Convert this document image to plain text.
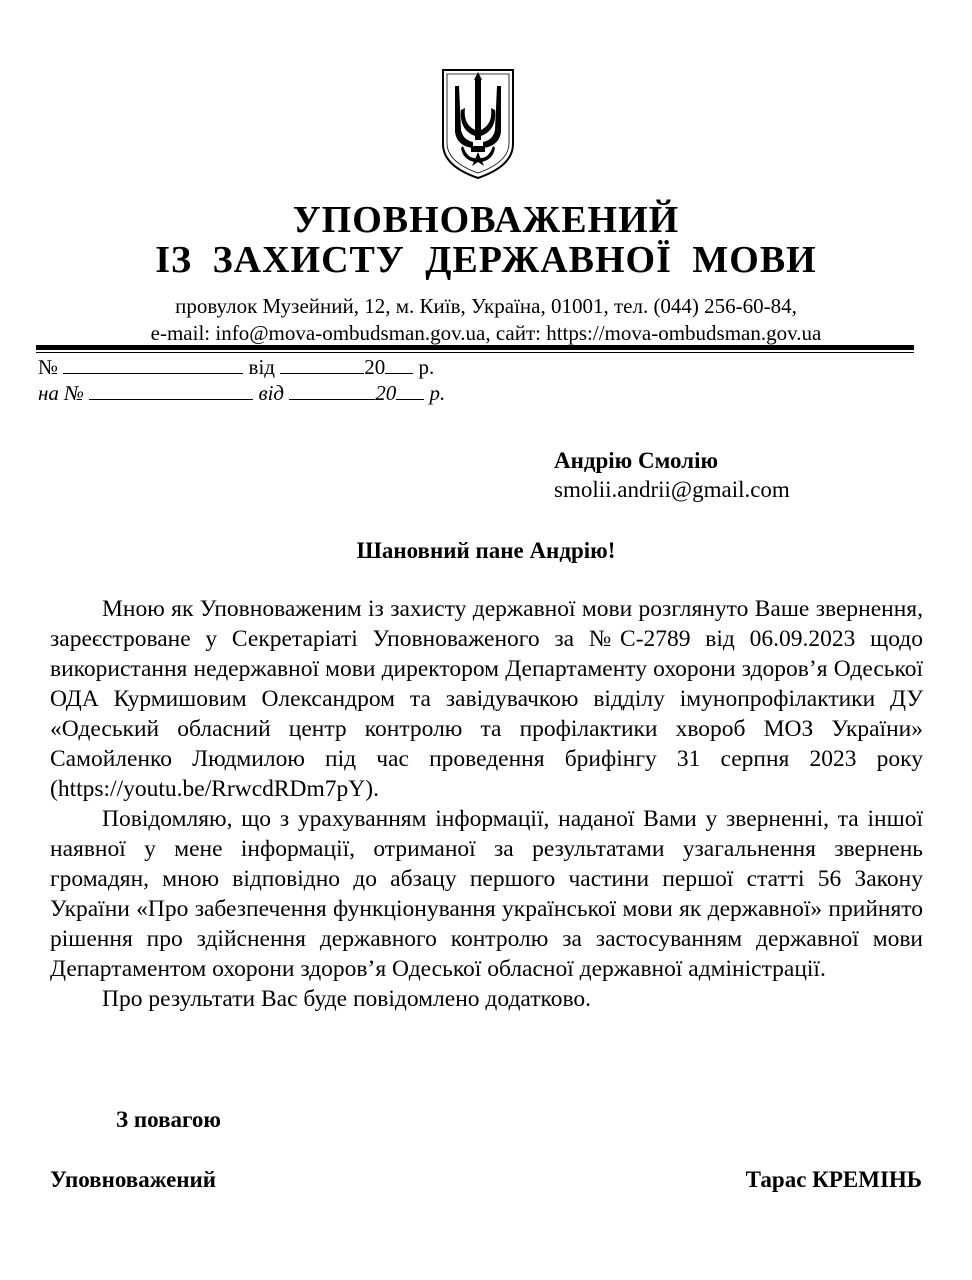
УПОВНОВАЖЕНИЙ
ІЗ ЗАХИСТУ ДЕРЖАВНОЇ МОВИ
провулок Музейний, 12, м. Київ, Україна, 01001, тел. (044) 256-60-84,
e-mail: info@mova-ombudsman.gov.ua, сайт: https://mova-ombudsman.gov.ua
№	від	20 р.
на №	від	20 р.
Андрію Смолію
smolii.andrii@gmail.com
Шановний пане Андрію!

Мною як Уповноваженим із захисту державної мови розглянуто Ваше звернення, зареєстроване у Секретаріаті Уповноваженого за №С-2789 від 06.09.2023 щодо використання недержавної мови директором Департаменту охорони здоров’я Одеської ОДА Курмишовим Олександром та завідувачкою відділу імунопрофілактики ДУ «Одеський обласний центр контролю та профілактики хвороб МОЗ України» Самойленко Людмилою під час проведення брифінгу 31 серпня 2023 року (https://youtu.be/RrwcdRDm7pY).

Повідомляю, що з урахуванням інформації, наданої Вами у зверненні, та іншої наявної у мене інформації, отриманої за результатами узагальнення звернень громадян, мною відповідно до абзацу першого частини першої статті 56 Закону України «Про забезпечення функціонування української мови як державної» прийнято рішення про здійснення державного контролю за застосуванням державної мови Департаментом охорони здоров’я Одеської обласної державної адміністрації.

Про результати Вас буде повідомлено додатково.

З повагою
Уповноважений	Тарас КРЕМІНЬ
